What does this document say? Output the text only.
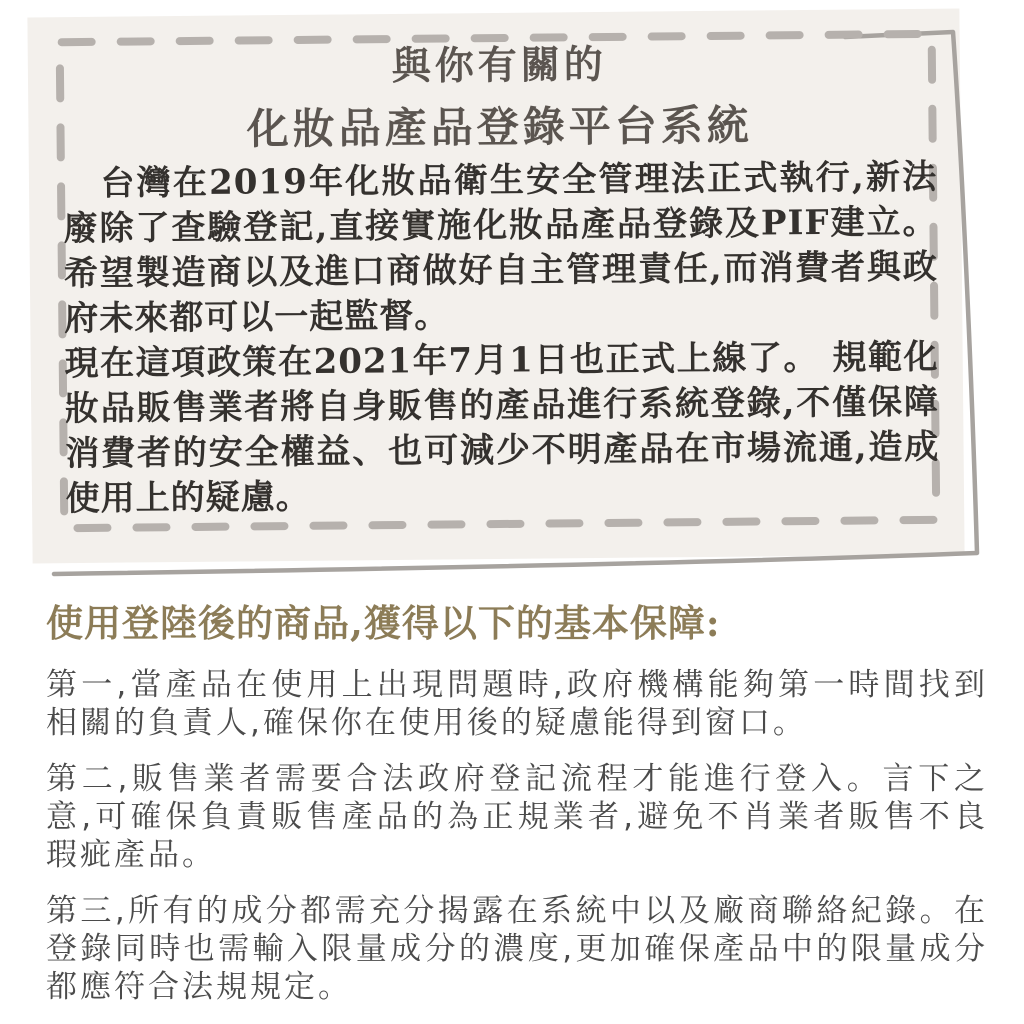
與你有關的
化妝品產品登錄平台系統

台灣在2019年化妝品衛生安全管理法正式執行,新法廢除了查驗登記,直接實施化妝品產品登錄及PIF建立。希望製造商以及進口商做好自主管理責任,而消費者與政府未來都可以一起監督。

現在這項政策在2021年7月1日也正式上線了。 規範化妝品販售業者將自身販售的產品進行系統登錄,不僅保障消費者的安全權益、也可減少不明產品在市場流通,造成使用上的疑慮。

使用登陸後的商品,獲得以下的基本保障:

第一,當產品在使用上出現問題時,政府機構能夠第一時間找到相關的負責人,確保你在使用後的疑慮能得到窗口。

第二,販售業者需要合法政府登記流程才能進行登入。言下之意,可確保負責販售產品的為正規業者,避免不肖業者販售不良瑕疵產品。

第三,所有的成分都需充分揭露在系統中以及廠商聯絡紀錄。在登錄同時也需輸入限量成分的濃度,更加確保產品中的限量成分都應符合法規規定。
